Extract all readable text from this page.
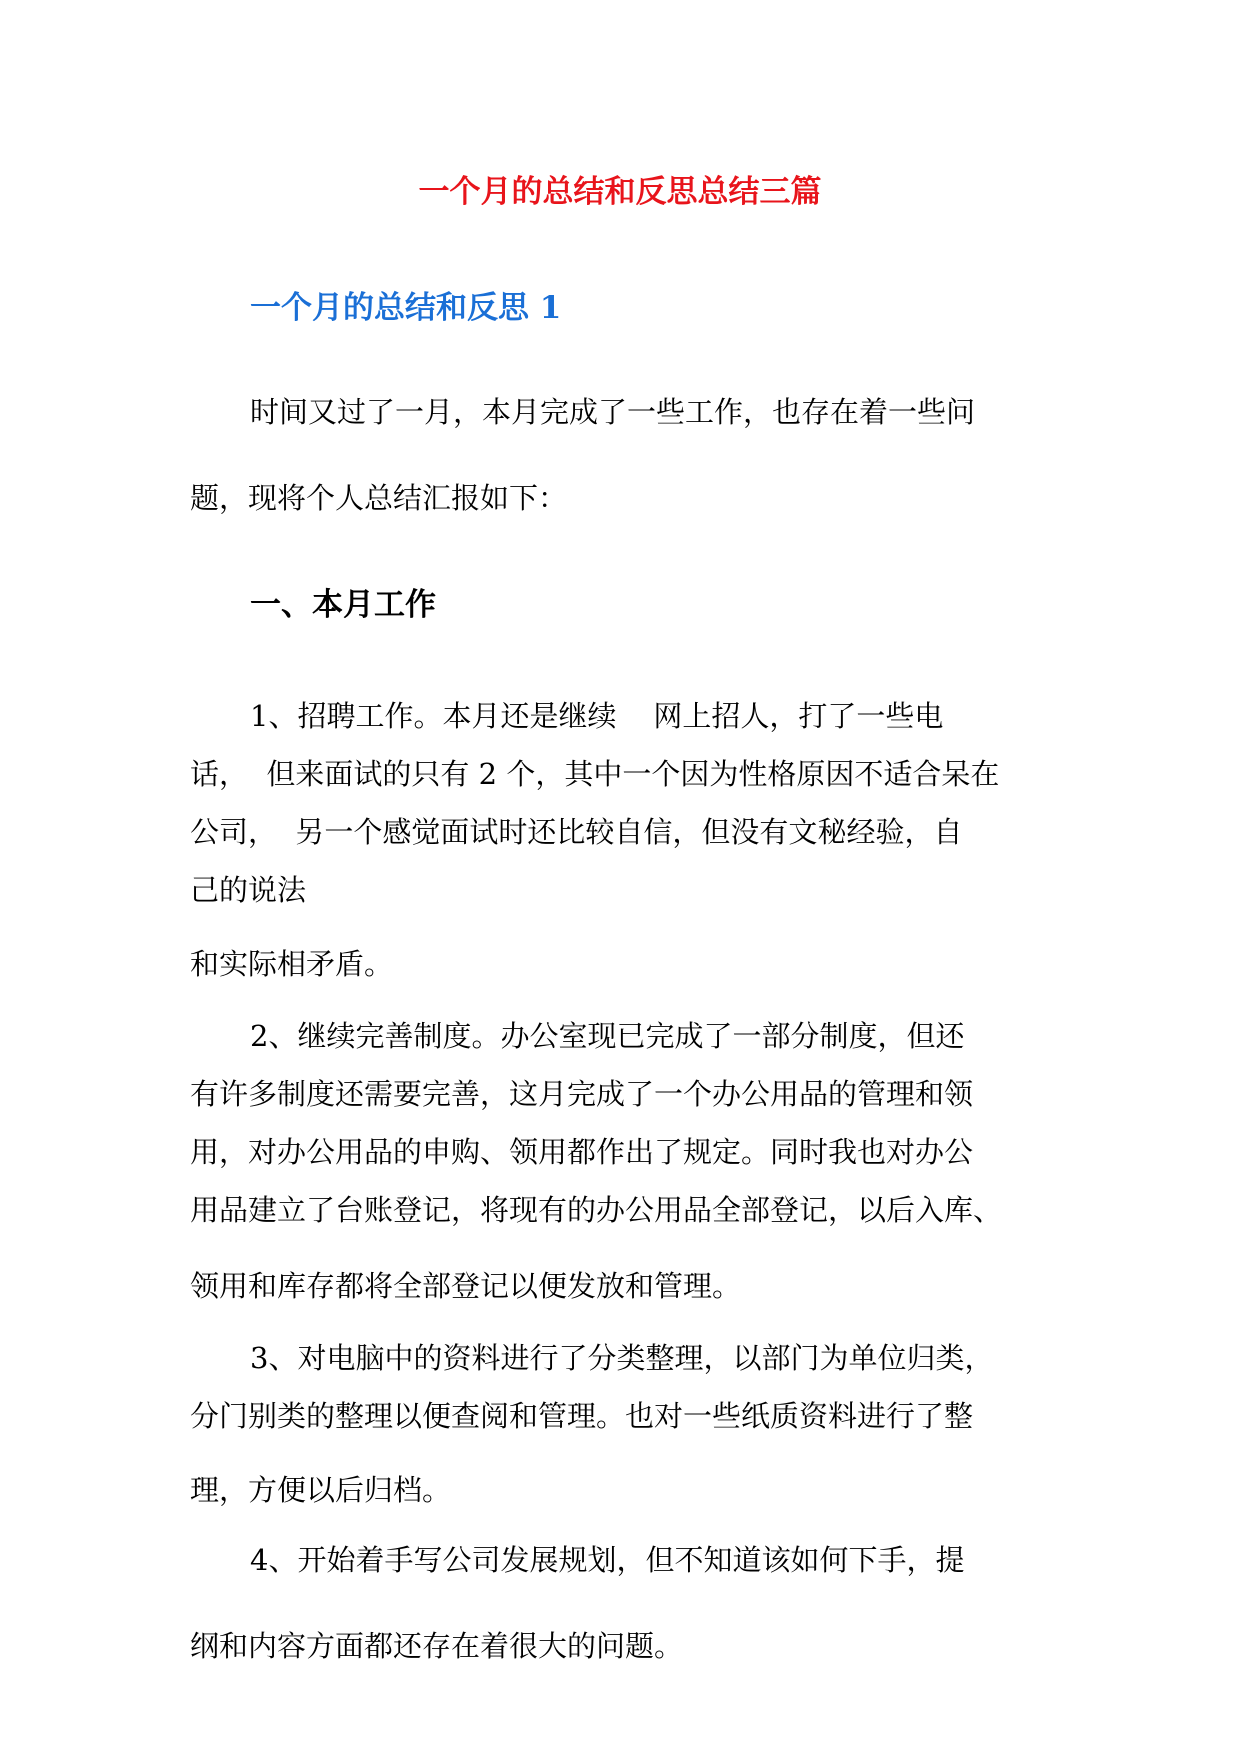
一个月的总结和反思总结三篇
一个月的总结和反思 1

时间又过了一月，本月完成了一些工作，也存在着一些问

题，现将个人总结汇报如下：

一、本月工作

1、招聘工作。本月还是继续    网上招人，打了一些电

话，  但来面试的只有 2 个，其中一个因为性格原因不适合呆在

公司，  另一个感觉面试时还比较自信，但没有文秘经验，自

己的说法

和实际相矛盾。

2、继续完善制度。办公室现已完成了一部分制度，但还

有许多制度还需要完善，这月完成了一个办公用品的管理和领

用，对办公用品的申购、领用都作出了规定。同时我也对办公

用品建立了台账登记，将现有的办公用品全部登记，以后入库、

领用和库存都将全部登记以便发放和管理。

3、对电脑中的资料进行了分类整理，以部门为单位归类，

分门别类的整理以便查阅和管理。也对一些纸质资料进行了整

理，方便以后归档。

4、开始着手写公司发展规划，但不知道该如何下手，提

纲和内容方面都还存在着很大的问题。
